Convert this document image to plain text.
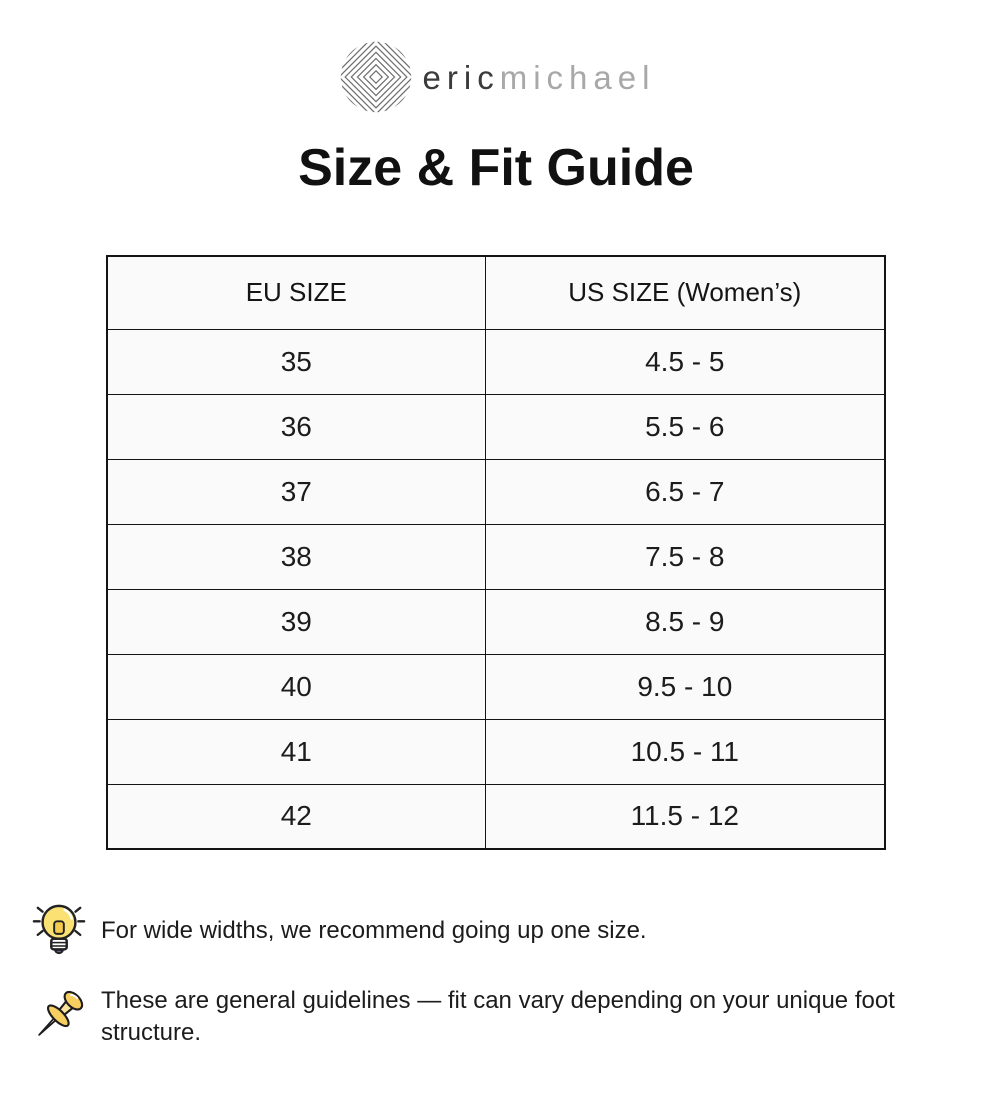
ericmichael
Size & Fit Guide
EU SIZE	US SIZE (Women’s)
35	4.5 - 5
36	5.5 - 6
37	6.5 - 7
38	7.5 - 8
39	8.5 - 9
40	9.5 - 10
41	10.5 - 11
42	11.5 - 12
For wide widths, we recommend going up one size.
These are general guidelines — fit can vary depending on your unique foot structure.
